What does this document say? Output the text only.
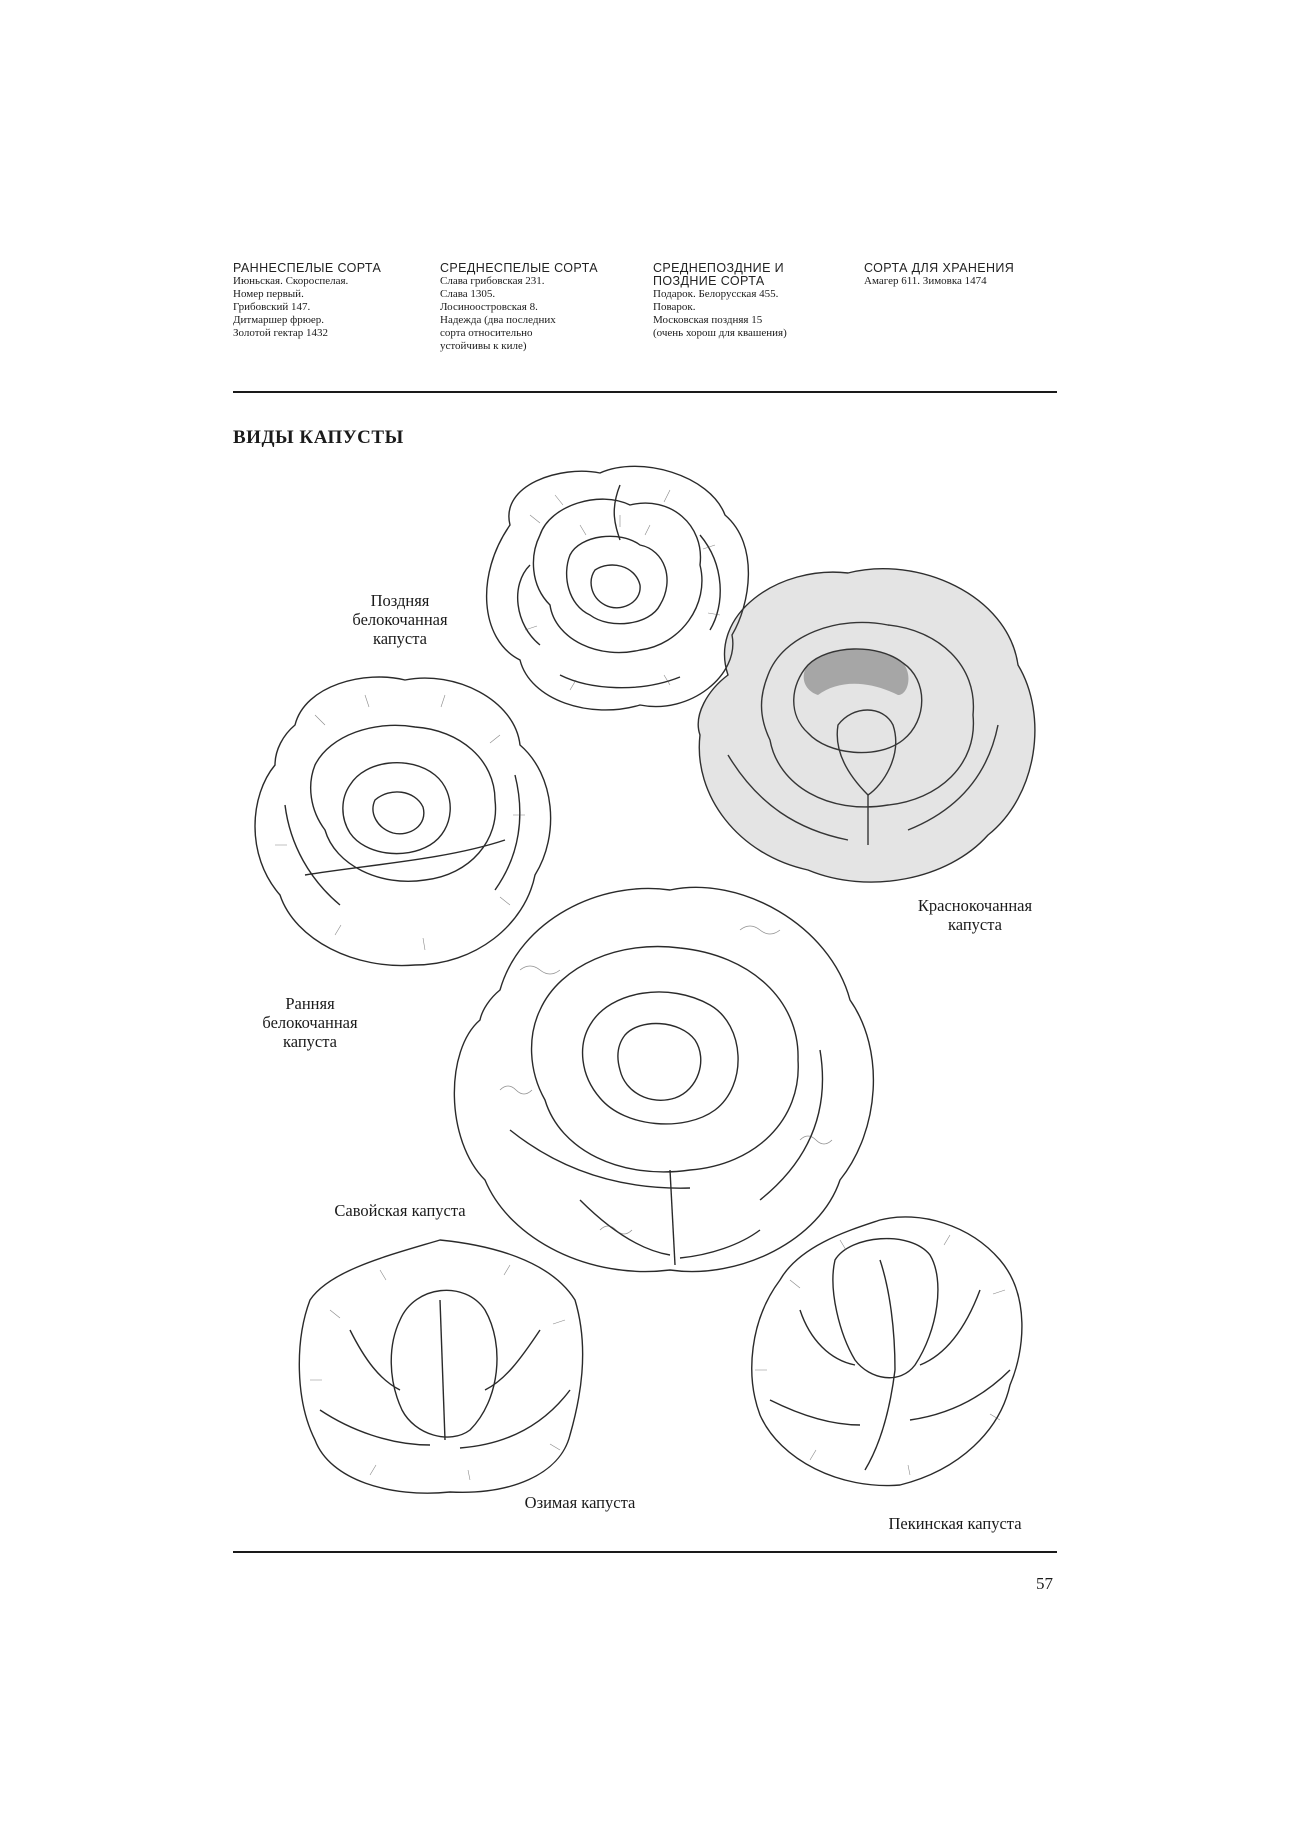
РАННЕСПЕЛЫЕ СОРТА
Июньская. Скороспелая.
Номер первый.
Грибовский 147.
Дитмаршер фрюер.
Золотой гектар 1432
СРЕДНЕСПЕЛЫЕ СОРТА
Слава грибовская 231.
Слава 1305.
Лосиноостровская 8.
Надежда (два последних
сорта относительно
устойчивы к киле)
СРЕДНЕПОЗДНИЕ И
ПОЗДНИЕ СОРТА
Подарок. Белорусская 455.
Поварок.
Московская поздняя 15
(очень хорош для квашения)
СОРТА ДЛЯ ХРАНЕНИЯ
Амагер 611. Зимовка 1474
ВИДЫ КАПУСТЫ
Поздняя
белокочанная
капуста
Краснокочанная
капуста
Ранняя
белокочанная
капуста
Савойская капуста
Озимая капуста
Пекинская капуста
57
